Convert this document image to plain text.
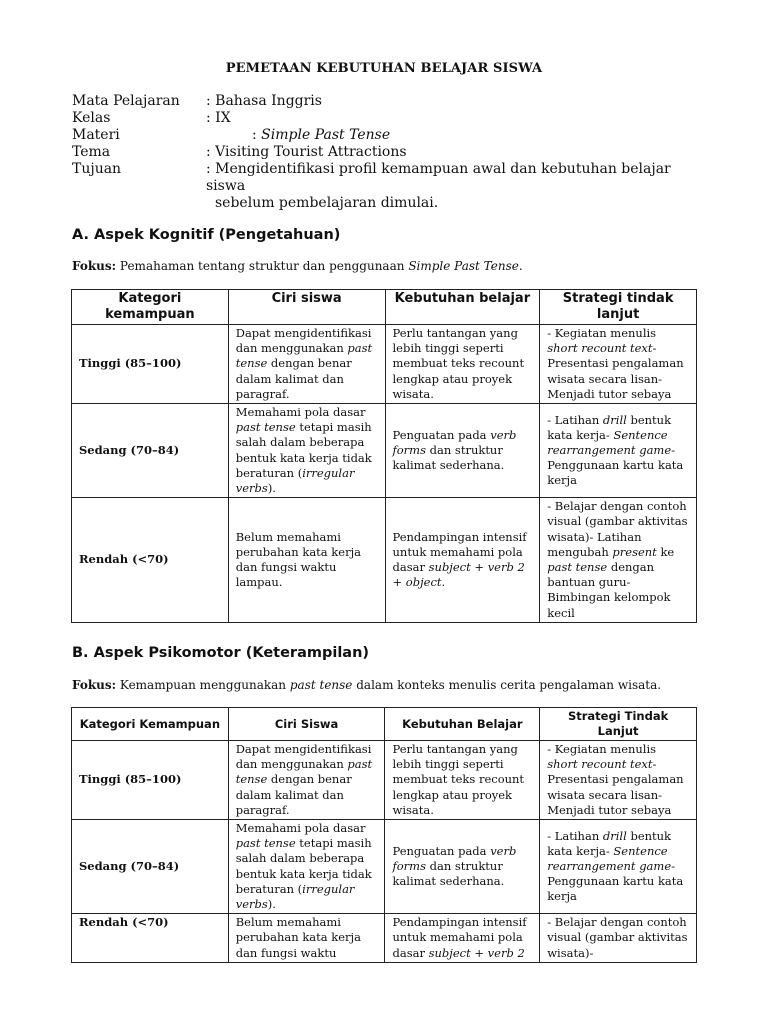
PEMETAAN KEBUTUHAN BELAJAR SISWA
Mata Pelajaran	: Bahasa Inggris
Kelas	: IX
Materi	: Simple Past Tense
Tema	: Visiting Tourist Attractions
Tujuan	: Mengidentifikasi profil kemampuan awal dan kebutuhan belajar siswa
sebelum pembelajaran dimulai.
A. Aspek Kognitif (Pengetahuan)
Fokus: Pemahaman tentang struktur dan penggunaan Simple Past Tense.
Kategori kemampuan	Ciri siswa	Kebutuhan belajar	Strategi tindak lanjut
Tinggi (85–100)	Dapat mengidentifikasi dan menggunakan past tense dengan benar dalam kalimat dan paragraf.	Perlu tantangan yang lebih tinggi seperti membuat teks recount lengkap atau proyek wisata.	- Kegiatan menulis short recount text- Presentasi pengalaman wisata secara lisan- Menjadi tutor sebaya
Sedang (70–84)	Memahami pola dasar past tense tetapi masih salah dalam beberapa bentuk kata kerja tidak beraturan (irregular verbs).	Penguatan pada verb forms dan struktur kalimat sederhana.	- Latihan drill bentuk kata kerja- Sentence rearrangement game- Penggunaan kartu kata kerja
Rendah (<70)	Belum memahami perubahan kata kerja dan fungsi waktu lampau.	Pendampingan intensif untuk memahami pola dasar subject + verb 2 + object.	- Belajar dengan contoh visual (gambar aktivitas wisata)- Latihan mengubah present ke past tense dengan bantuan guru- Bimbingan kelompok kecil
B. Aspek Psikomotor (Keterampilan)
Fokus: Kemampuan menggunakan past tense dalam konteks menulis cerita pengalaman wisata.
Kategori Kemampuan	Ciri Siswa	Kebutuhan Belajar	Strategi Tindak Lanjut
Tinggi (85–100)	Dapat mengidentifikasi dan menggunakan past tense dengan benar dalam kalimat dan paragraf.	Perlu tantangan yang lebih tinggi seperti membuat teks recount lengkap atau proyek wisata.	- Kegiatan menulis short recount text- Presentasi pengalaman wisata secara lisan- Menjadi tutor sebaya
Sedang (70–84)	Memahami pola dasar past tense tetapi masih salah dalam beberapa bentuk kata kerja tidak beraturan (irregular verbs).	Penguatan pada verb forms dan struktur kalimat sederhana.	- Latihan drill bentuk kata kerja- Sentence rearrangement game- Penggunaan kartu kata kerja
Rendah (<70)	Belum memahami perubahan kata kerja dan fungsi waktu	Pendampingan intensif untuk memahami pola dasar subject + verb 2	- Belajar dengan contoh visual (gambar aktivitas wisata)-
